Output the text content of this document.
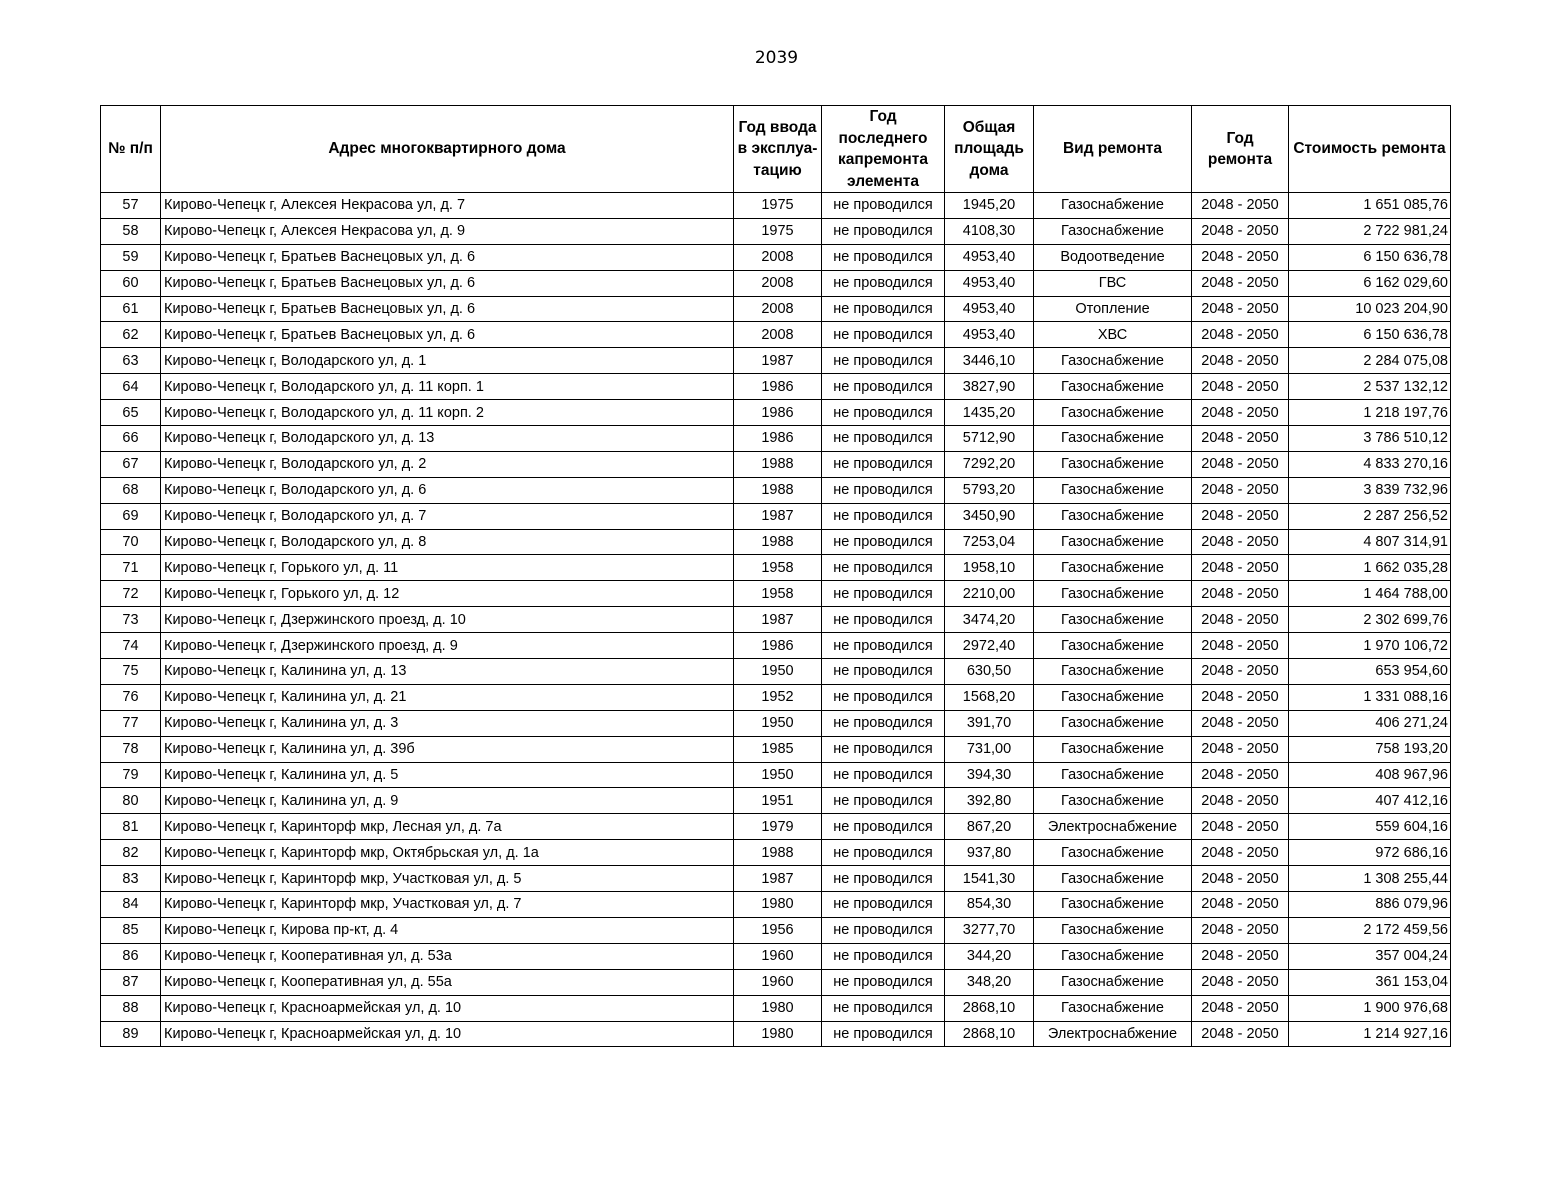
2039
№ п/п	Адрес многоквартирного дома	Год ввода в эксплуа-тацию	Год последнего капремонта элемента	Общая площадь дома	Вид ремонта	Год ремонта	Стоимость ремонта
57	Кирово-Чепецк г, Алексея Некрасова ул, д. 7	1975	не проводился	1945,20	Газоснабжение	2048 - 2050	1 651 085,76
58	Кирово-Чепецк г, Алексея Некрасова ул, д. 9	1975	не проводился	4108,30	Газоснабжение	2048 - 2050	2 722 981,24
59	Кирово-Чепецк г, Братьев Васнецовых ул, д. 6	2008	не проводился	4953,40	Водоотведение	2048 - 2050	6 150 636,78
60	Кирово-Чепецк г, Братьев Васнецовых ул, д. 6	2008	не проводился	4953,40	ГВС	2048 - 2050	6 162 029,60
61	Кирово-Чепецк г, Братьев Васнецовых ул, д. 6	2008	не проводился	4953,40	Отопление	2048 - 2050	10 023 204,90
62	Кирово-Чепецк г, Братьев Васнецовых ул, д. 6	2008	не проводился	4953,40	ХВС	2048 - 2050	6 150 636,78
63	Кирово-Чепецк г, Володарского ул, д. 1	1987	не проводился	3446,10	Газоснабжение	2048 - 2050	2 284 075,08
64	Кирово-Чепецк г, Володарского ул, д. 11 корп. 1	1986	не проводился	3827,90	Газоснабжение	2048 - 2050	2 537 132,12
65	Кирово-Чепецк г, Володарского ул, д. 11 корп. 2	1986	не проводился	1435,20	Газоснабжение	2048 - 2050	1 218 197,76
66	Кирово-Чепецк г, Володарского ул, д. 13	1986	не проводился	5712,90	Газоснабжение	2048 - 2050	3 786 510,12
67	Кирово-Чепецк г, Володарского ул, д. 2	1988	не проводился	7292,20	Газоснабжение	2048 - 2050	4 833 270,16
68	Кирово-Чепецк г, Володарского ул, д. 6	1988	не проводился	5793,20	Газоснабжение	2048 - 2050	3 839 732,96
69	Кирово-Чепецк г, Володарского ул, д. 7	1987	не проводился	3450,90	Газоснабжение	2048 - 2050	2 287 256,52
70	Кирово-Чепецк г, Володарского ул, д. 8	1988	не проводился	7253,04	Газоснабжение	2048 - 2050	4 807 314,91
71	Кирово-Чепецк г, Горького ул, д. 11	1958	не проводился	1958,10	Газоснабжение	2048 - 2050	1 662 035,28
72	Кирово-Чепецк г, Горького ул, д. 12	1958	не проводился	2210,00	Газоснабжение	2048 - 2050	1 464 788,00
73	Кирово-Чепецк г, Дзержинского проезд, д. 10	1987	не проводился	3474,20	Газоснабжение	2048 - 2050	2 302 699,76
74	Кирово-Чепецк г, Дзержинского проезд, д. 9	1986	не проводился	2972,40	Газоснабжение	2048 - 2050	1 970 106,72
75	Кирово-Чепецк г, Калинина ул, д. 13	1950	не проводился	630,50	Газоснабжение	2048 - 2050	653 954,60
76	Кирово-Чепецк г, Калинина ул, д. 21	1952	не проводился	1568,20	Газоснабжение	2048 - 2050	1 331 088,16
77	Кирово-Чепецк г, Калинина ул, д. 3	1950	не проводился	391,70	Газоснабжение	2048 - 2050	406 271,24
78	Кирово-Чепецк г, Калинина ул, д. 39б	1985	не проводился	731,00	Газоснабжение	2048 - 2050	758 193,20
79	Кирово-Чепецк г, Калинина ул, д. 5	1950	не проводился	394,30	Газоснабжение	2048 - 2050	408 967,96
80	Кирово-Чепецк г, Калинина ул, д. 9	1951	не проводился	392,80	Газоснабжение	2048 - 2050	407 412,16
81	Кирово-Чепецк г, Каринторф мкр, Лесная ул, д. 7а	1979	не проводился	867,20	Электроснабжение	2048 - 2050	559 604,16
82	Кирово-Чепецк г, Каринторф мкр, Октябрьская ул, д. 1а	1988	не проводился	937,80	Газоснабжение	2048 - 2050	972 686,16
83	Кирово-Чепецк г, Каринторф мкр, Участковая ул, д. 5	1987	не проводился	1541,30	Газоснабжение	2048 - 2050	1 308 255,44
84	Кирово-Чепецк г, Каринторф мкр, Участковая ул, д. 7	1980	не проводился	854,30	Газоснабжение	2048 - 2050	886 079,96
85	Кирово-Чепецк г, Кирова пр-кт, д. 4	1956	не проводился	3277,70	Газоснабжение	2048 - 2050	2 172 459,56
86	Кирово-Чепецк г, Кооперативная ул, д. 53а	1960	не проводился	344,20	Газоснабжение	2048 - 2050	357 004,24
87	Кирово-Чепецк г, Кооперативная ул, д. 55а	1960	не проводился	348,20	Газоснабжение	2048 - 2050	361 153,04
88	Кирово-Чепецк г, Красноармейская ул, д. 10	1980	не проводился	2868,10	Газоснабжение	2048 - 2050	1 900 976,68
89	Кирово-Чепецк г, Красноармейская ул, д. 10	1980	не проводился	2868,10	Электроснабжение	2048 - 2050	1 214 927,16
